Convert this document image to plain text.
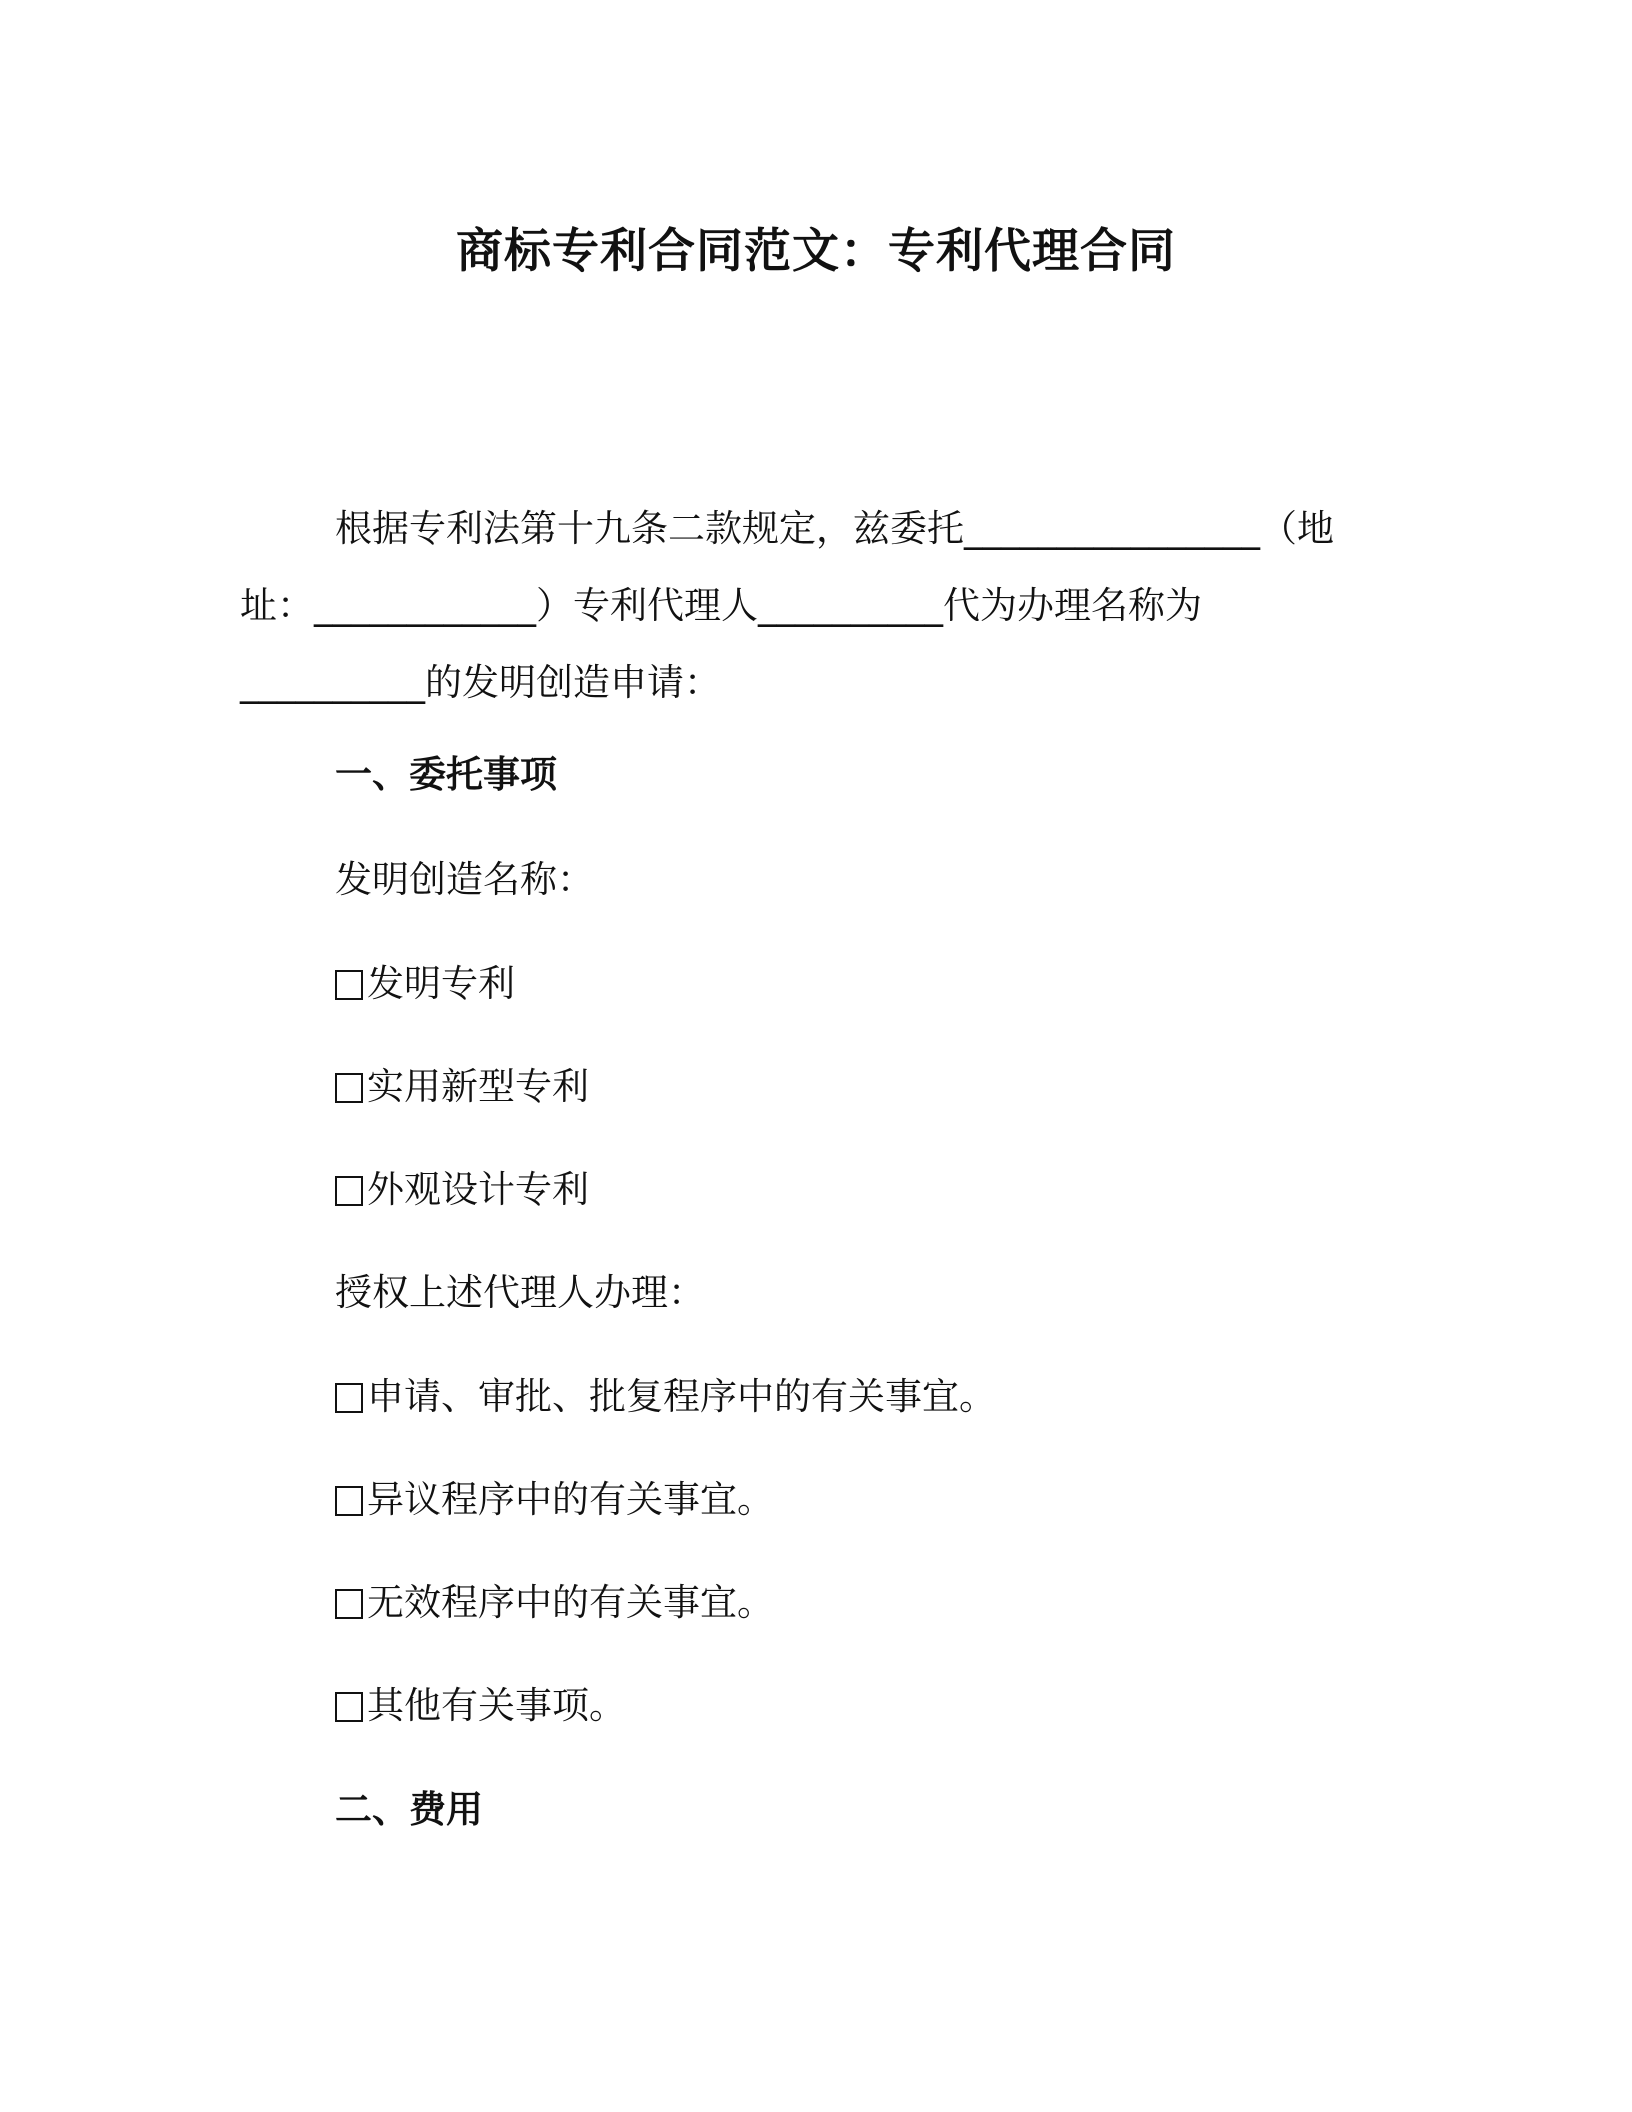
商标专利合同范文：专利代理合同

根据专利法第十九条二款规定，兹委托________________（地址：____________）专利代理人__________代为办理名称为__________的发明创造申请：

一、委托事项

发明创造名称：

发明专利

实用新型专利

外观设计专利

授权上述代理人办理：

申请、审批、批复程序中的有关事宜。

异议程序中的有关事宜。

无效程序中的有关事宜。

其他有关事项。

二、费用
